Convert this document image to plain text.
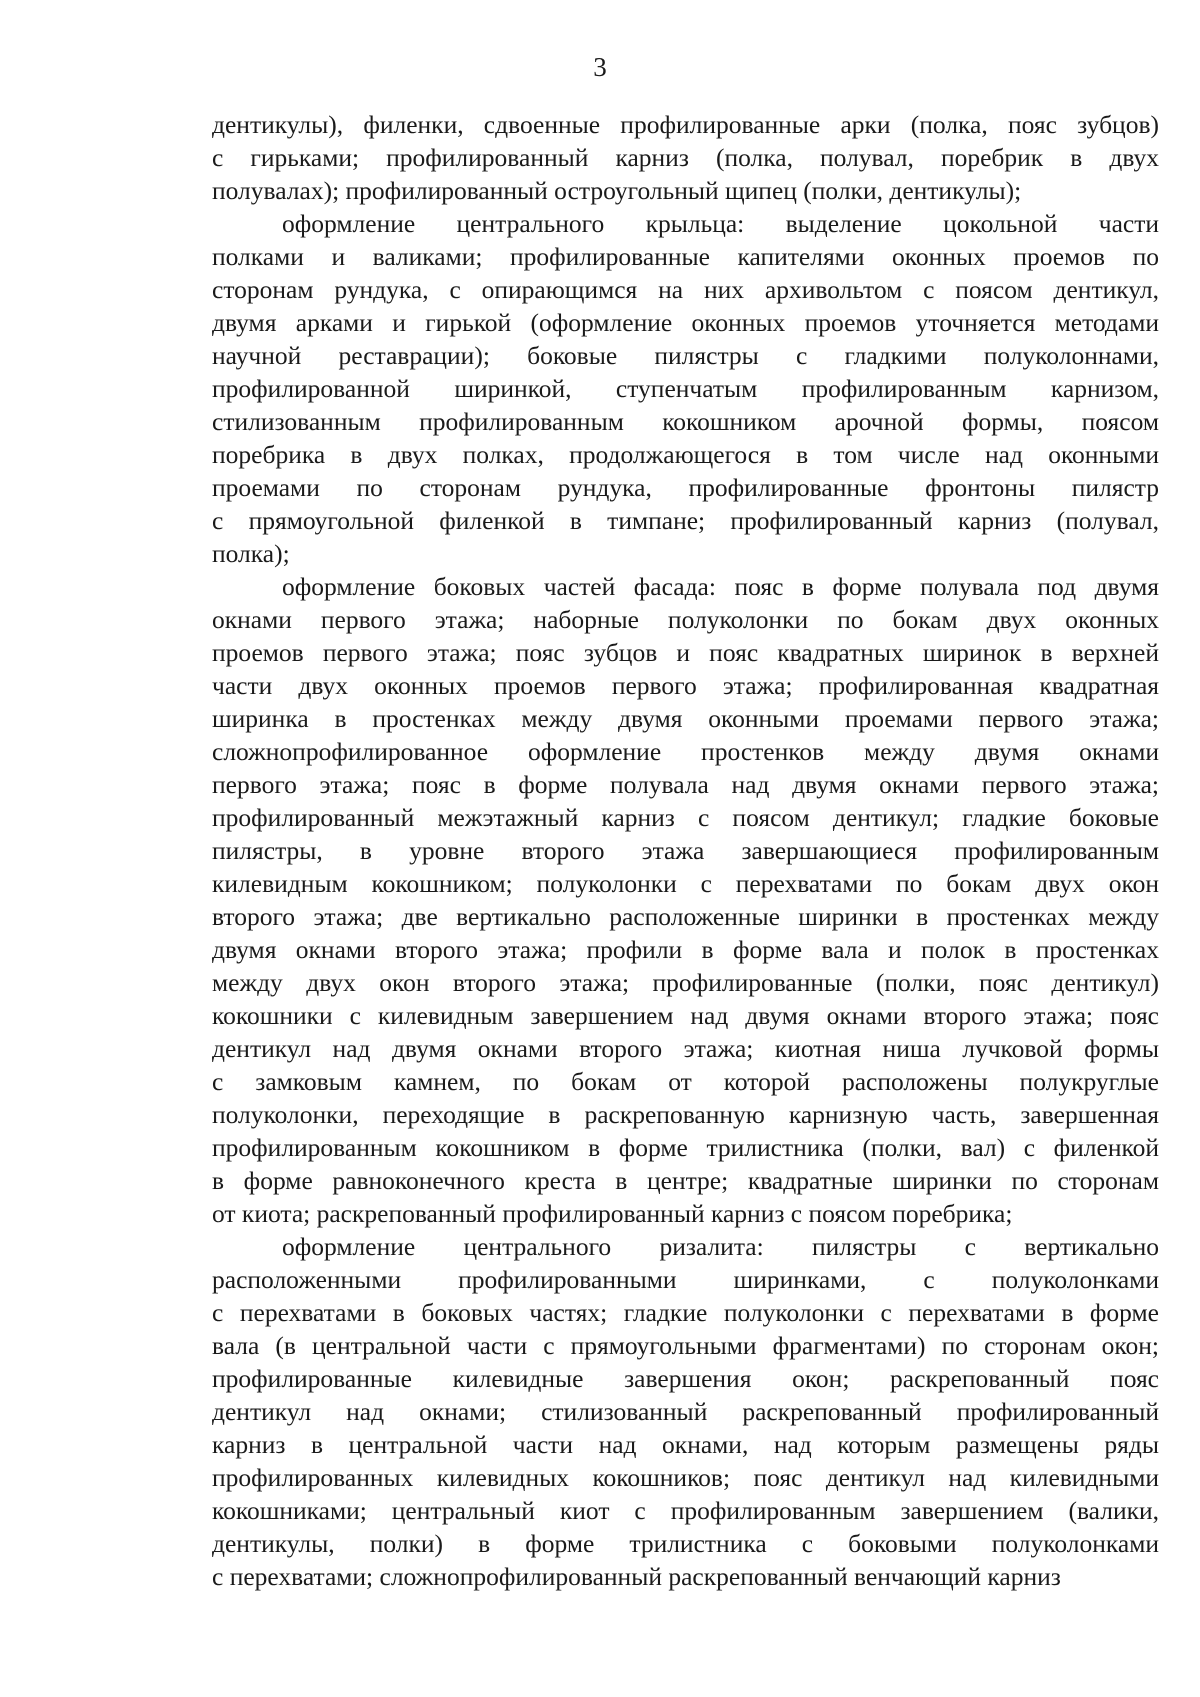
3
дентикулы), филенки, сдвоенные профилированные арки (полка, пояс зубцов)
с гирьками; профилированный карниз (полка, полувал, поребрик в двух
полувалах); профилированный остроугольный щипец (полки, дентикулы);
оформление центрального крыльца: выделение цокольной части
полками и валиками; профилированные капителями оконных проемов по
сторонам рундука, с опирающимся на них архивольтом с поясом дентикул,
двумя арками и гирькой (оформление оконных проемов уточняется методами
научной реставрации); боковые пилястры с гладкими полуколоннами,
профилированной ширинкой, ступенчатым профилированным карнизом,
стилизованным профилированным кокошником арочной формы, поясом
поребрика в двух полках, продолжающегося в том числе над оконными
проемами по сторонам рундука, профилированные фронтоны пилястр
с прямоугольной филенкой в тимпане; профилированный карниз (полувал,
полка);
оформление боковых частей фасада: пояс в форме полувала под двумя
окнами первого этажа; наборные полуколонки по бокам двух оконных
проемов первого этажа; пояс зубцов и пояс квадратных ширинок в верхней
части двух оконных проемов первого этажа; профилированная квадратная
ширинка в простенках между двумя оконными проемами первого этажа;
сложнопрофилированное оформление простенков между двумя окнами
первого этажа; пояс в форме полувала над двумя окнами первого этажа;
профилированный межэтажный карниз с поясом дентикул; гладкие боковые
пилястры, в уровне второго этажа завершающиеся профилированным
килевидным кокошником; полуколонки с перехватами по бокам двух окон
второго этажа; две вертикально расположенные ширинки в простенках между
двумя окнами второго этажа; профили в форме вала и полок в простенках
между двух окон второго этажа; профилированные (полки, пояс дентикул)
кокошники с килевидным завершением над двумя окнами второго этажа; пояс
дентикул над двумя окнами второго этажа; киотная ниша лучковой формы
с замковым камнем, по бокам от которой расположены полукруглые
полуколонки, переходящие в раскрепованную карнизную часть, завершенная
профилированным кокошником в форме трилистника (полки, вал) с филенкой
в форме равноконечного креста в центре; квадратные ширинки по сторонам
от киота; раскрепованный профилированный карниз с поясом поребрика;
оформление центрального ризалита: пилястры с вертикально
расположенными профилированными ширинками, с полуколонками
с перехватами в боковых частях; гладкие полуколонки с перехватами в форме
вала (в центральной части с прямоугольными фрагментами) по сторонам окон;
профилированные килевидные завершения окон; раскрепованный пояс
дентикул над окнами; стилизованный раскрепованный профилированный
карниз в центральной части над окнами, над которым размещены ряды
профилированных килевидных кокошников; пояс дентикул над килевидными
кокошниками; центральный киот с профилированным завершением (валики,
дентикулы, полки) в форме трилистника с боковыми полуколонками
с перехватами; сложнопрофилированный раскрепованный венчающий карниз
